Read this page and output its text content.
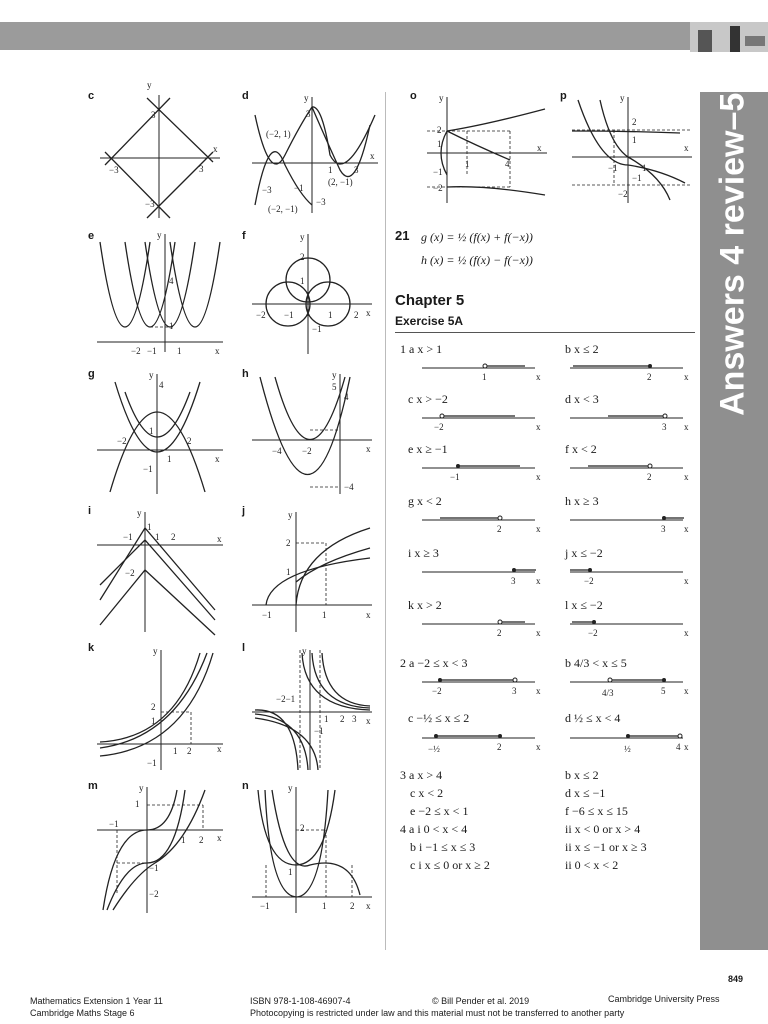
Answers 4 review–5A
c
y
x
3
−3	3
−3
d	y
x
(−2, 1)
(2, −1)
(−2, −1)
−3 −1
1 3
3
−3
e	y
x
4
1
−2 −1 1
f	y
x
2
1
−2 −1	1 2
−1
g	y
x
4
1
−2	2
−1
1
h	y
x
5
4
−4 −2
−4
i	y
x
1
−1 1 2
−2
j	y
x
2
1
−1	1
k	y
x
2
1
1 2
−1
l	y
x
−2−1
1 2 3
−1
m	y
x
1
−1
1 2
−1
−2
n	y
x
2
1
−1	1	2
o y
x
2
1
−1
−2
1	4
p	y
x
2
1
−1
−2
−1	1
21 g (x) = ½ (f(x) + f(−x))
h (x) = ½ (f(x) − f(−x))
Chapter 5
Exercise 5A
1 a x > 1
1	x
b x ≤ 2
2	x
c x > −2
−2	x
d x < 3
3 x
e x ≥ −1
−1	x
f x < 2
2	x
g x < 2
2	x
h x ≥ 3
3 x
i x ≥ 3
3 x
j x ≤ −2
−2	x
k x > 2
2	x
l x ≤ −2
−2	x
2 a −2 ≤ x < 3
−2	3 x
b 4/3 < x ≤ 5
4/3	5 x
c −½ ≤ x ≤ 2
−½	2	x
d ½ ≤ x < 4
½	4 x
3 a x > 4	b x ≤ 2
c x < 2	d x ≤ −1
e −2 ≤ x < 1	f −6 ≤ x ≤ 15
4 a i 0 < x < 4	ii x < 0 or x > 4
b i −1 ≤ x ≤ 3	ii x ≤ −1 or x ≥ 3
c i x ≤ 0 or x ≥ 2	ii 0 < x < 2
849
Mathematics Extension 1 Year 11
Cambridge Maths Stage 6
ISBN 978-1-108-46907-4	© Bill Pender et al. 2019	Cambridge University Press
Photocopying is restricted under law and this material must not be transferred to another party
